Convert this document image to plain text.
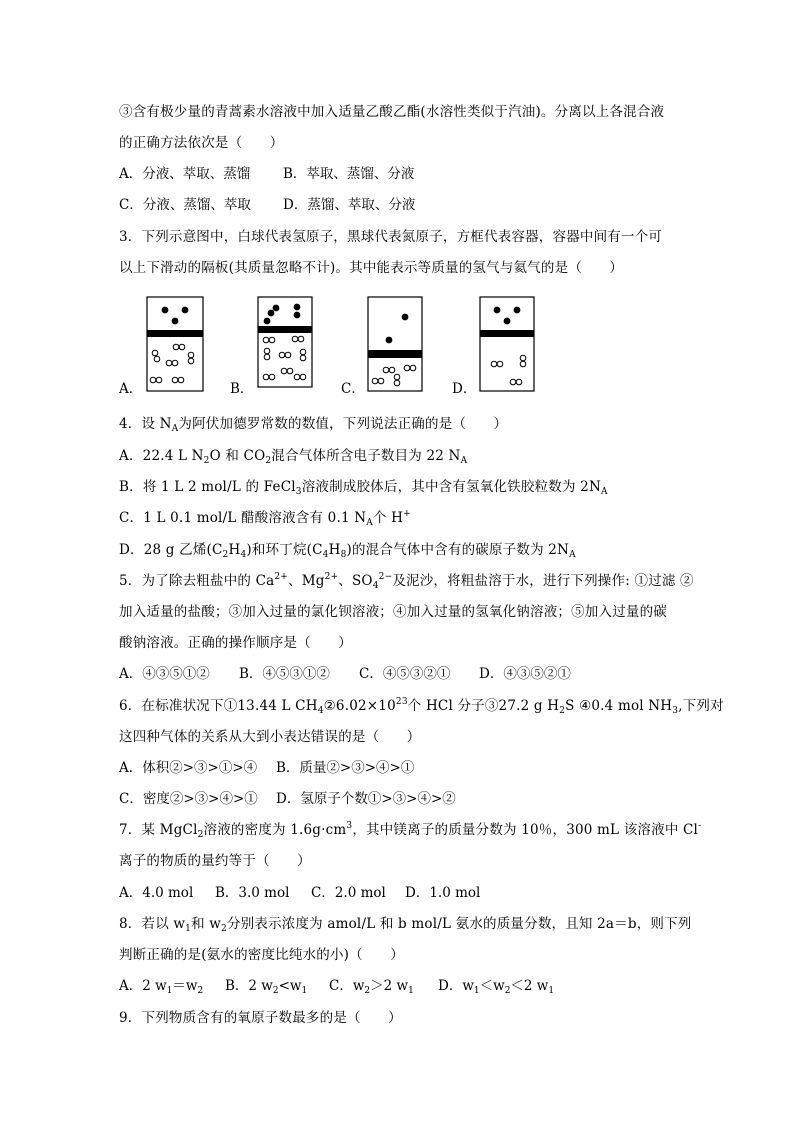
③含有极少量的青蒿素水溶液中加入适量乙酸乙酯(水溶性类似于汽油)。分离以上各混合液
的正确方法依次是（　　）
A．分液、萃取、蒸馏 B．萃取、蒸馏、分液
C．分液、蒸馏、萃取 D．蒸馏、萃取、分液
3．下列示意图中，白球代表氢原子，黑球代表氮原子，方框代表容器，容器中间有一个可
以上下滑动的隔板(其质量忽略不计)。其中能表示等质量的氢气与氦气的是（　　）
A．	B．	C．	D．
4．设 $N_A$为阿伏加德罗常数的数值，下列说法正确的是（　　）
A．22.4 L $N_2O$ 和 $CO_2$混合气体所含电子数目为 22 $N_A$
B．将 1 L 2 mol/L 的 FeCl$_3$溶液制成胶体后，其中含有氢氧化铁胶粒数为 $2N_A$
C．1 L 0.1 mol/L 醋酸溶液含有 0.1 $N_A$个 H+
D．28 g 乙烯$(C_2H_4)$和环丁烷$(C_4H_8)$的混合气体中含有的碳原子数为 $2N_A$
5．为了除去粗盐中的 $Ca^{2+}$、$Mg^{2+}$、$SO_4^{2-}$及泥沙，将粗盐溶于水，进行下列操作: ①过滤 ②
加入适量的盐酸；③加入过量的氯化钡溶液；④加入过量的氢氧化钠溶液；⑤加入过量的碳
酸钠溶液。正确的操作顺序是（　　）
A．④③⑤①② B．④⑤③①② C．④⑤③②① D．④③⑤②①
6．在标准状况下①13.44 L $CH_4②6.02\times 10^{23}$个 HCl 分子③27.2 g $H_2S$ ④0.4 mol $NH_3$,下列对
这四种气体的关系从大到小表达错误的是（　　）
A．体积②>③>①>④ B．质量②>③>④>①
C．密度②>③>④>① D．氢原子个数①>③>④>②
7．某 MgCl$_2$溶液的密度为 $1.6g\cdot cm^3$，其中镁离子的质量分数为 10％，300 mL 该溶液中 Cl-
离子的物质的量约等于（　　）
A．4.0 mol B．3.0 mol C．2.0 mol D．1.0 mol
8．若以 $w_1$和 $w_2$分别表示浓度为 amol/L 和 b mol/L 氨水的质量分数，且知 2a＝b，则下列
判断正确的是(氨水的密度比纯水的小)（　　）
A．2 $w_1=w_2$ B．2 $w_2<w_1$ C．$w_2>2$ $w_1$ D．$w_1<w_2<2$ $w_1$
9．下列物质含有的氧原子数最多的是（　　）
